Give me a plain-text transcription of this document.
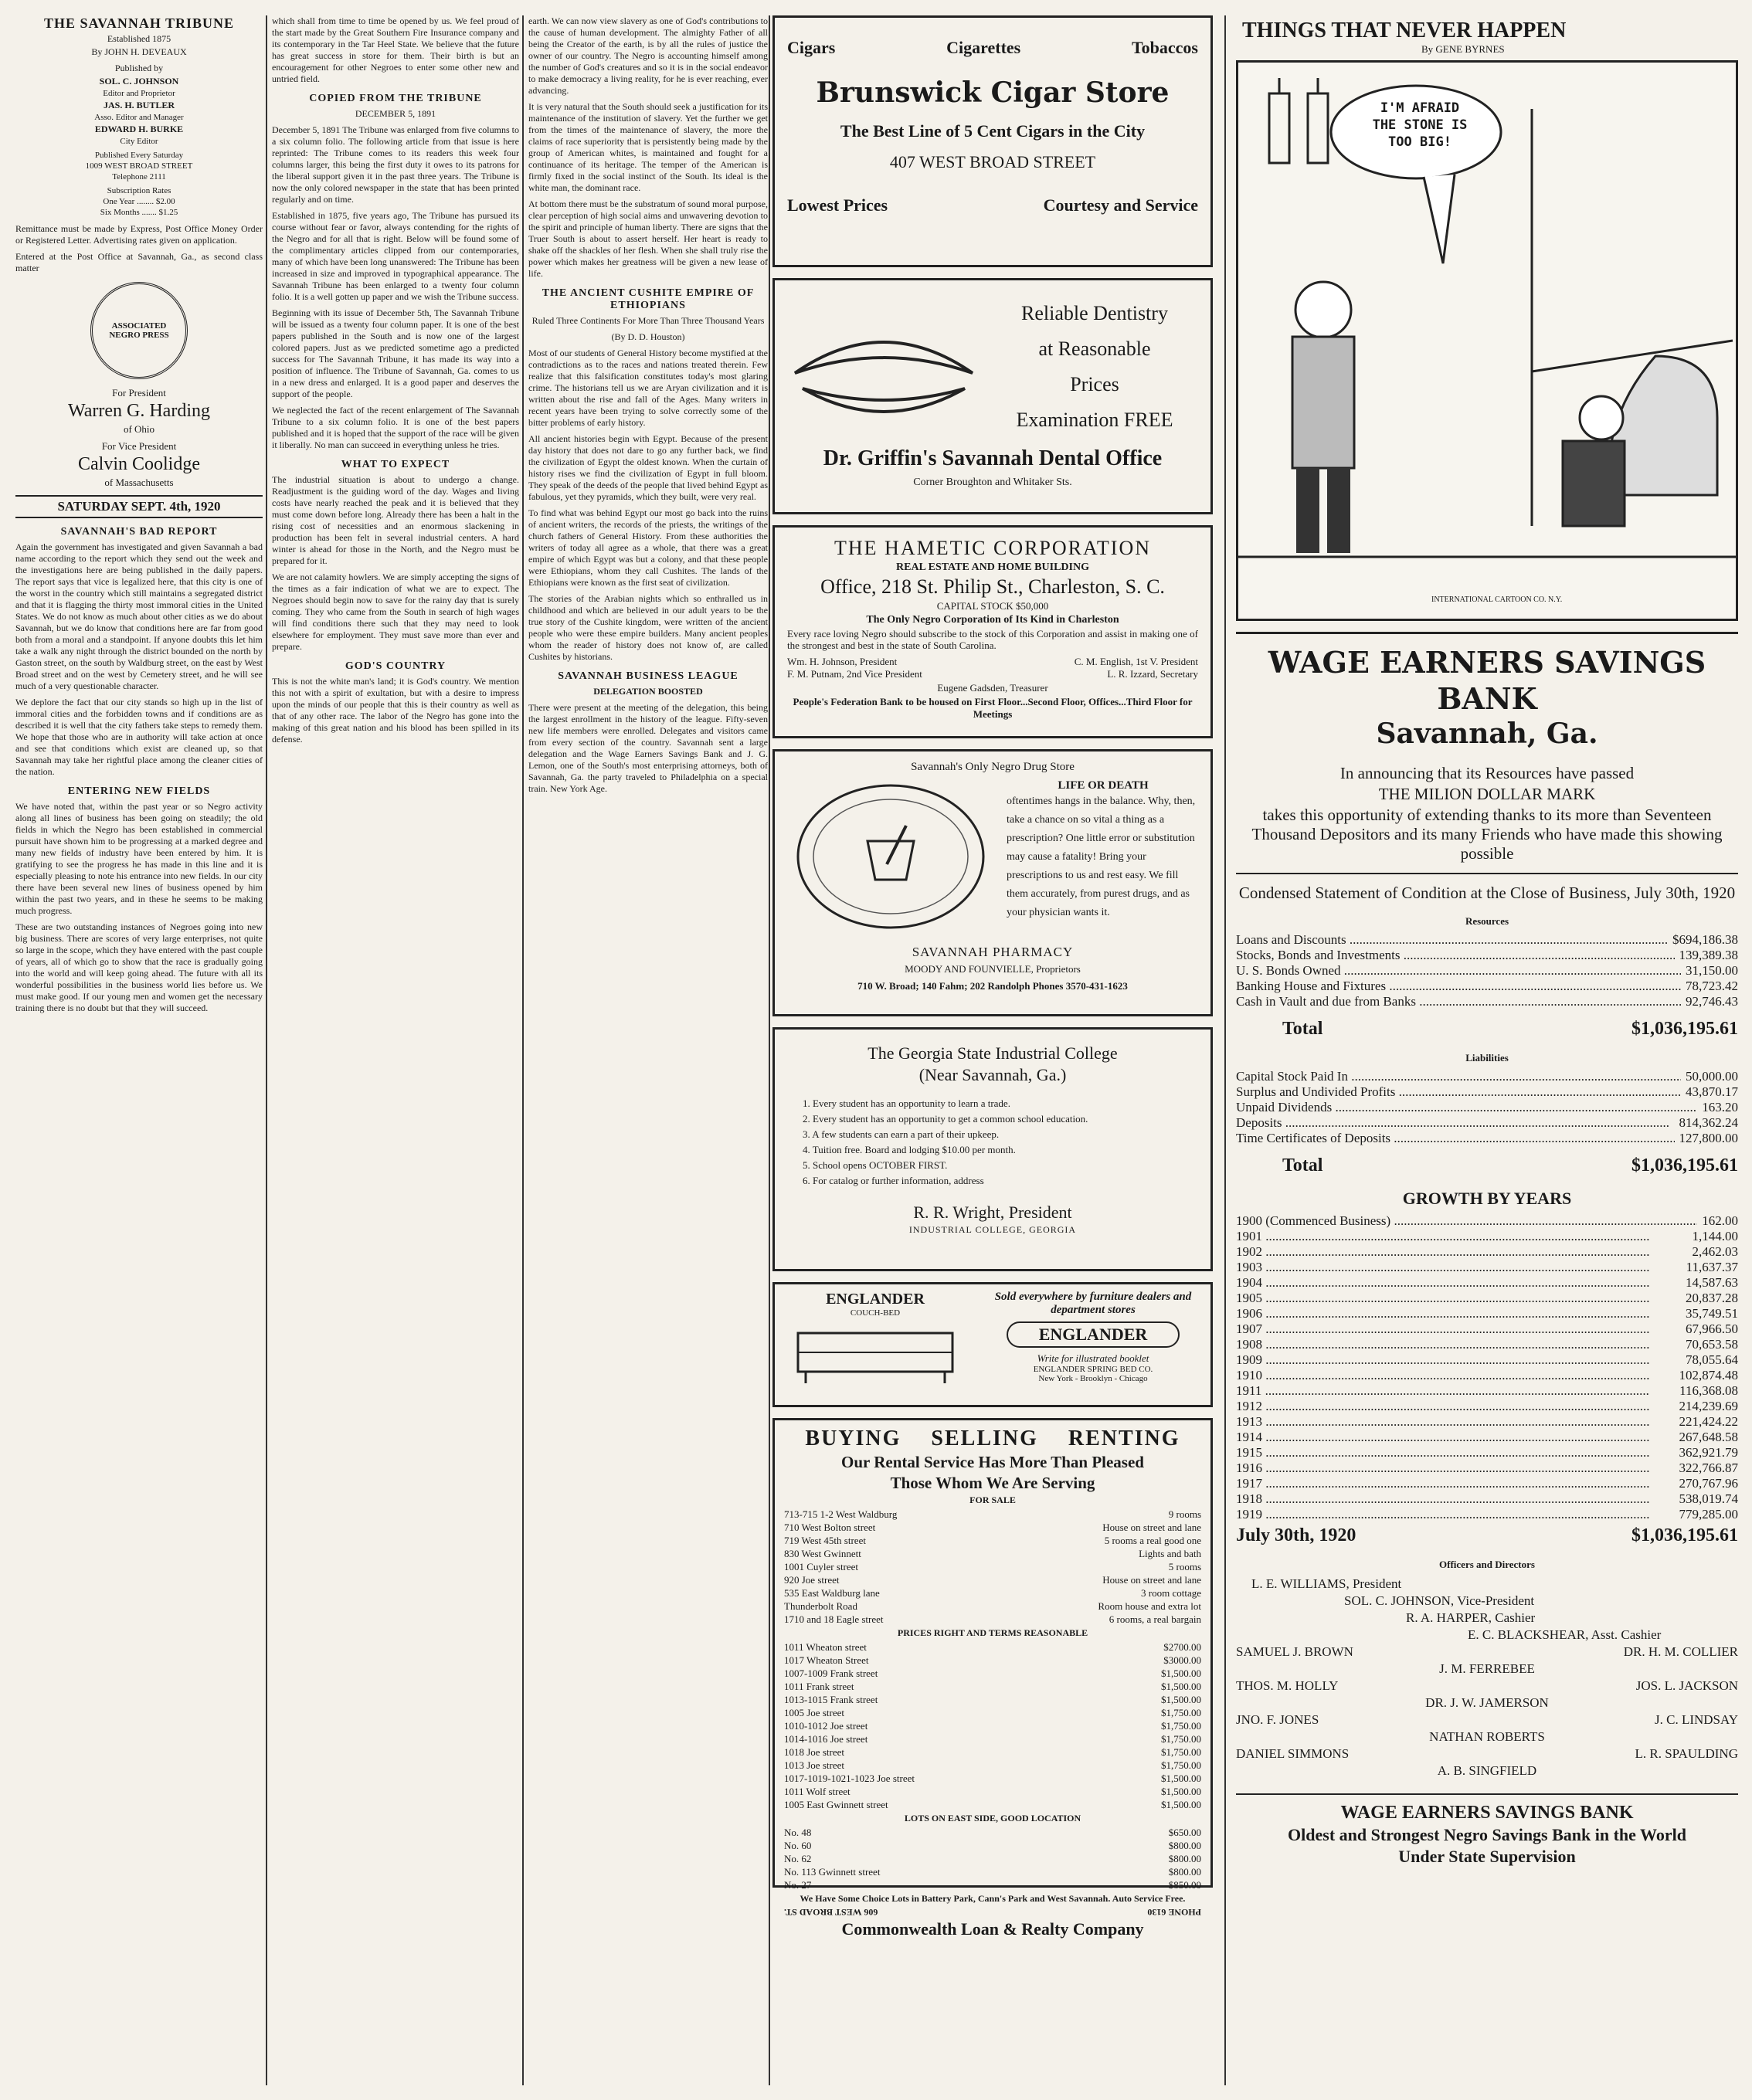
THE SAVANNAH TRIBUNE
Established 1875
By JOHN H. DEVEAUX
Published by
SOL. C. JOHNSON
Editor and Proprietor
JAS. H. BUTLER
Asso. Editor and Manager
EDWARD H. BURKE
City Editor
Published Every Saturday
1009 WEST BROAD STREET
Telephone 2111
Subscription Rates
One Year ........ $2.00
Six Months ....... $1.25

Remittance must be made by Express, Post Office Money Order or Registered Letter. Advertising rates given on application.

Entered at the Post Office at Savannah, Ga., as second class matter

ASSOCIATED NEGRO PRESS
For President
Warren G. Harding
of Ohio
For Vice President
Calvin Coolidge
of Massachusetts
SATURDAY SEPT. 4th, 1920
SAVANNAH'S BAD REPORT

Again the government has investigated and given Savannah a bad name according to the report which they send out the week and the investigations here are being published in the daily papers. The report says that vice is legalized here, that this city is one of the worst in the country which still maintains a segregated district and that it is flagging the thirty most immoral cities in the United States. We do not know as much about other cities as we do about Savannah, but we do know that conditions here are far from good both from a moral and a standpoint. If anyone doubts this let him take a walk any night through the district bounded on the north by Gaston street, on the south by Waldburg street, on the east by West Broad street and on the west by Cemetery street, and he will see much of a very questionable character.

We deplore the fact that our city stands so high up in the list of immoral cities and the forbidden towns and if conditions are as described it is well that the city fathers take steps to remedy them. We hope that those who are in authority will take action at once and see that conditions which exist are cleaned up, so that Savannah may take her rightful place among the cleaner cities of the nation.

ENTERING NEW FIELDS

We have noted that, within the past year or so Negro activity along all lines of business has been going on steadily; the old fields in which the Negro has been established in commercial pursuit have shown him to be progressing at a marked degree and many new fields of industry have been entered by him. It is gratifying to see the progress he has made in this line and it is especially pleasing to note his entrance into new fields. In our city there have been several new lines of business opened by him within the past two years, and in these he seems to be making much progress.

These are two outstanding instances of Negroes going into new big business. There are scores of very large enterprises, not quite so large in the scope, which they have entered with the past couple of years, all of which go to show that the race is gradually going into the world and will keep going ahead. The future with all its wonderful possibilities in the business world lies before us. We must make good. If our young men and women get the necessary training there is no doubt but that they will succeed.

which shall from time to time be opened by us. We feel proud of the start made by the Great Southern Fire Insurance company and its contemporary in the Tar Heel State. We believe that the future has great success in store for them. Their birth is but an encouragement for other Negroes to enter some other new and untried field.

COPIED FROM THE TRIBUNE
DECEMBER 5, 1891

December 5, 1891 The Tribune was enlarged from five columns to a six column folio. The following article from that issue is here reprinted: The Tribune comes to its readers this week four columns larger, this being the first duty it owes to its patrons for the liberal support given it in the past three years. The Tribune is now the only colored newspaper in the state that has been printed regularly and on time.

Established in 1875, five years ago, The Tribune has pursued its course without fear or favor, always contending for the rights of the Negro and for all that is right. Below will be found some of the complimentary articles clipped from our contemporaries, many of which have been long unanswered: The Tribune has been increased in size and improved in typographical appearance. The Savannah Tribune has been enlarged to a twenty four column folio. It is a well gotten up paper and we wish the Tribune success.

Beginning with its issue of December 5th, The Savannah Tribune will be issued as a twenty four column paper. It is one of the best papers published in the South and is now one of the largest colored papers. Just as we predicted sometime ago a predicted success for The Savannah Tribune, it has made its way into a position of influence. The Tribune of Savannah, Ga. comes to us in a new dress and enlarged. It is a good paper and deserves the support of the people.

We neglected the fact of the recent enlargement of The Savannah Tribune to a six column folio. It is one of the best papers published and it is hoped that the support of the race will be given it liberally. No man can succeed in everything unless he tries.

WHAT TO EXPECT

The industrial situation is about to undergo a change. Readjustment is the guiding word of the day. Wages and living costs have nearly reached the peak and it is believed that they must come down before long. Already there has been a halt in the rising cost of necessities and an enormous slackening in production has been felt in several industrial centers. A hard winter is ahead for those in the North, and the Negro must be prepared for it.

We are not calamity howlers. We are simply accepting the signs of the times as a fair indication of what we are to expect. The Negroes should begin now to save for the rainy day that is surely coming. They who came from the South in search of high wages will find conditions there such that they may need to look elsewhere for employment. They must save more than ever and prepare.

GOD'S COUNTRY

This is not the white man's land; it is God's country. We mention this not with a spirit of exultation, but with a desire to impress upon the minds of our people that this is their country as well as that of any other race. The labor of the Negro has gone into the making of this great nation and his blood has been spilled in its defense.

earth. We can now view slavery as one of God's contributions to the cause of human development. The almighty Father of all being the Creator of the earth, is by all the rules of justice the owner of our country. The Negro is accounting himself among the number of God's creatures and so it is in the social endeavor to make democracy a living reality, for he is ever reaching, ever advancing.

It is very natural that the South should seek a justification for its maintenance of the institution of slavery. Yet the further we get from the times of the maintenance of slavery, the more the claims of race superiority that is persistently being made by the group of American whites, is maintained and fought for a continuance of its heritage. The temper of the American is firmly fixed in the social instinct of the South. Its ideal is the white man, the dominant race.

At bottom there must be the substratum of sound moral purpose, clear perception of high social aims and unwavering devotion to the spirit and principle of human liberty. There are signs that the Truer South is about to assert herself. Her heart is ready to shake off the shackles of her flesh. When she shall truly rise the power which makes her greatness will be given a new lease of life.

THE ANCIENT CUSHITE EMPIRE OF ETHIOPIANS
Ruled Three Continents For More Than Three Thousand Years
(By D. D. Houston)

Most of our students of General History become mystified at the contradictions as to the races and nations treated therein. Few realize that this falsification constitutes today's most glaring crime. The historians tell us we are Aryan civilization and it is written about the rise and fall of the Ages. Many writers in recent years have been trying to solve correctly some of the bitter problems of early history.

All ancient histories begin with Egypt. Because of the present day history that does not dare to go any further back, we find the civilization of Egypt the oldest known. When the curtain of history rises we find the civilization of Egypt in full bloom. They speak of the deeds of the people that lived behind Egypt as fabulous, yet they pyramids, which they built, were very real.

To find what was behind Egypt our most go back into the ruins of ancient writers, the records of the priests, the writings of the church fathers of General History. From these authorities the writers of today all agree as a whole, that there was a great empire of which Egypt was but a colony, and that these people were Ethiopians, whom they call Cushites. The lands of the Ethiopians were known as the first seat of civilization.

The stories of the Arabian nights which so enthralled us in childhood and which are believed in our adult years to be the true story of the Cushite kingdom, were written of the ancient people who were these empire builders. Many ancient peoples whom the reader of history does not know of, are called Cushites by historians.

SAVANNAH BUSINESS LEAGUE
DELEGATION BOOSTED

There were present at the meeting of the delegation, this being the largest enrollment in the history of the league. Fifty-seven new life members were enrolled. Delegates and visitors came from every section of the country. Savannah sent a large delegation and the Wage Earners Savings Bank and J. G. Lemon, one of the South's most enterprising attorneys, both of Savannah, Ga. the party traveled to Philadelphia on a special train. New York Age.

Cigars	Cigarettes	Tobaccos
Brunswick Cigar Store
The Best Line of 5 Cent Cigars in the City
407 WEST BROAD STREET
Lowest Prices	Courtesy and Service
Reliable Dentistry
at Reasonable
Prices
Examination FREE
Dr. Griffin's Savannah Dental Office
Corner Broughton and Whitaker Sts.
THE HAMETIC CORPORATION
REAL ESTATE AND HOME BUILDING
Office, 218 St. Philip St., Charleston, S. C.
CAPITAL STOCK $50,000
The Only Negro Corporation of Its Kind in Charleston

Every race loving Negro should subscribe to the stock of this Corporation and assist in making one of the strongest and best in the state of South Carolina.

Wm. H. Johnson, President	C. M. English, 1st V. President
F. M. Putnam, 2nd Vice President	L. R. Izzard, Secretary
Eugene Gadsden, Treasurer
People's Federation Bank to be housed on First Floor...Second Floor, Offices...Third Floor for Meetings
Savannah's Only Negro Drug Store
LIFE OR DEATH

oftentimes hangs in the balance. Why, then, take a chance on so vital a thing as a prescription? One little error or substitution may cause a fatality! Bring your prescriptions to us and rest easy. We fill them accurately, from purest drugs, and as your physician wants it.

SAVANNAH PHARMACY
MOODY AND FOUNVIELLE, Proprietors
710 W. Broad; 140 Fahm; 202 Randolph Phones 3570-431-1623
The Georgia State Industrial College
(Near Savannah, Ga.)
1. Every student has an opportunity to learn a trade.
2. Every student has an opportunity to get a common school education.
3. A few students can earn a part of their upkeep.
4. Tuition free. Board and lodging $10.00 per month.
5. School opens OCTOBER FIRST.
6. For catalog or further information, address
R. R. Wright, President
INDUSTRIAL COLLEGE, GEORGIA
ENGLANDER
COUCH-BED
Sold everywhere by furniture dealers and department stores
ENGLANDER
Write for illustrated booklet
ENGLANDER SPRING BED CO.
New York - Brooklyn - Chicago
BUYING SELLING RENTING
Our Rental Service Has More Than Pleased
Those Whom We Are Serving
FOR SALE
713-715 1-2 West Waldburg	9 rooms
710 West Bolton street	House on street and lane
719 West 45th street	5 rooms a real good one
830 West Gwinnett	Lights and bath
1001 Cuyler street	5 rooms
920 Joe street	House on street and lane
535 East Waldburg lane	3 room cottage
Thunderbolt Road	Room house and extra lot
1710 and 18 Eagle street	6 rooms, a real bargain
PRICES RIGHT AND TERMS REASONABLE
1011 Wheaton street	$2700.00
1017 Wheaton Street	$3000.00
1007-1009 Frank street	$1,500.00
1011 Frank street	$1,500.00
1013-1015 Frank street	$1,500.00
1005 Joe street	$1,750.00
1010-1012 Joe street	$1,750.00
1014-1016 Joe street	$1,750.00
1018 Joe street	$1,750.00
1013 Joe street	$1,750.00
1017-1019-1021-1023 Joe street	$1,500.00
1011 Wolf street	$1,500.00
1005 East Gwinnett street	$1,500.00
LOTS ON EAST SIDE, GOOD LOCATION
No. 48	$650.00
No. 60	$800.00
No. 62	$800.00
No. 113 Gwinnett street	$800.00
No. 27	$850.00
We Have Some Choice Lots in Battery Park, Cann's Park and West Savannah. Auto Service Free.
PHONE 6130
606 WEST BROAD ST.
Commonwealth Loan & Realty Company
THINGS THAT NEVER HAPPEN
By GENE BYRNES
I'M AFRAID THE STONE IS TOO BIG!
INTERNATIONAL CARTOON CO. N.Y.
WAGE EARNERS SAVINGS
BANK
Savannah, Ga.
In announcing that its Resources have passed
THE MILION DOLLAR MARK
takes this opportunity of extending thanks to its more than Seventeen Thousand Depositors and its many Friends who have made this showing possible
Condensed Statement of Condition at the Close of Business, July 30th, 1920
Resources
Loans and Discounts .....	$694,186.38
Stocks, Bonds and Investments .....	139,389.38
U. S. Bonds Owned .....	31,150.00
Banking House and Fixtures .....	78,723.42
Cash in Vault and due from Banks .....	92,746.43
Total	$1,036,195.61
Liabilities
Capital Stock Paid In .....	50,000.00
Surplus and Undivided Profits .....	43,870.17
Unpaid Dividends .....	163.20
Deposits .....	814,362.24
Time Certificates of Deposits .....	127,800.00
Total	$1,036,195.61
GROWTH BY YEARS
1900 (Commenced Business) .....	162.00
1901 .....	1,144.00
1902 .....	2,462.03
1903 .....	11,637.37
1904 .....	14,587.63
1905 .....	20,837.28
1906 .....	35,749.51
1907 .....	67,966.50
1908 .....	70,653.58
1909 .....	78,055.64
1910 .....	102,874.48
1911 .....	116,368.08
1912 .....	214,239.69
1913 .....	221,424.22
1914 .....	267,648.58
1915 .....	362,921.79
1916 .....	322,766.87
1917 .....	270,767.96
1918 .....	538,019.74
1919 .....	779,285.00
July 30th, 1920	$1,036,195.61
Officers and Directors
L. E. WILLIAMS, President
SOL. C. JOHNSON, Vice-President
R. A. HARPER, Cashier
E. C. BLACKSHEAR, Asst. Cashier
SAMUEL J. BROWN	DR. H. M. COLLIER
J. M. FERREBEE
THOS. M. HOLLY	JOS. L. JACKSON
DR. J. W. JAMERSON
JNO. F. JONES	J. C. LINDSAY
NATHAN ROBERTS
DANIEL SIMMONS	L. R. SPAULDING
A. B. SINGFIELD
WAGE EARNERS SAVINGS BANK
Oldest and Strongest Negro Savings Bank in the World
Under State Supervision
